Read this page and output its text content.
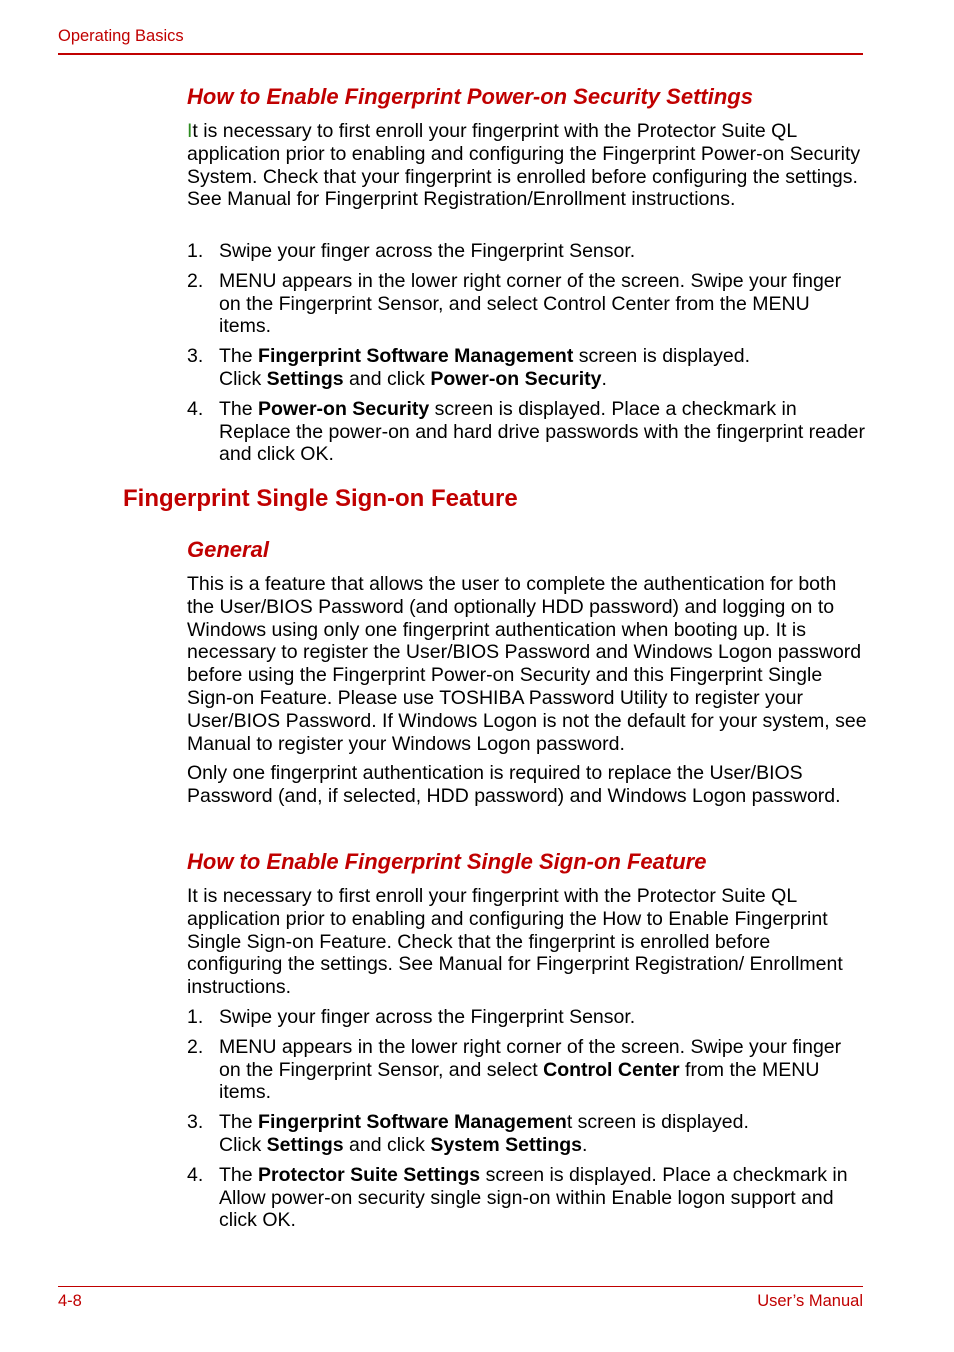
Operating Basics
How to Enable Fingerprint Power-on Security Settings

It is necessary to first enroll your fingerprint with the Protector Suite QL application prior to enabling and configuring the Fingerprint Power-on Security System. Check that your fingerprint is enrolled before configuring the settings. See Manual for Fingerprint Registration/Enrollment instructions.

1. Swipe your finger across the Fingerprint Sensor.
2. MENU appears in the lower right corner of the screen. Swipe your finger on the Fingerprint Sensor, and select Control Center from the MENU items.
3. The Fingerprint Software Management screen is displayed.
Click Settings and click Power-on Security.
4. The Power-on Security screen is displayed. Place a checkmark in Replace the power-on and hard drive passwords with the fingerprint reader and click OK.
Fingerprint Single Sign-on Feature
General

This is a feature that allows the user to complete the authentication for both the User/BIOS Password (and optionally HDD password) and logging on to Windows using only one fingerprint authentication when booting up. It is necessary to register the User/BIOS Password and Windows Logon password before using the Fingerprint Power-on Security and this Fingerprint Single Sign-on Feature. Please use TOSHIBA Password Utility to register your User/BIOS Password. If Windows Logon is not the default for your system, see Manual to register your Windows Logon password.

Only one fingerprint authentication is required to replace the User/BIOS Password (and, if selected, HDD password) and Windows Logon password.

How to Enable Fingerprint Single Sign-on Feature

It is necessary to first enroll your fingerprint with the Protector Suite QL application prior to enabling and configuring the How to Enable Fingerprint Single Sign-on Feature. Check that the fingerprint is enrolled before configuring the settings. See Manual for Fingerprint Registration/ Enrollment instructions.

1. Swipe your finger across the Fingerprint Sensor.
2. MENU appears in the lower right corner of the screen. Swipe your finger on the Fingerprint Sensor, and select Control Center from the MENU items.
3. The Fingerprint Software Management screen is displayed.
Click Settings and click System Settings.
4. The Protector Suite Settings screen is displayed. Place a checkmark in Allow power-on security single sign-on within Enable logon support and click OK.
4-8	User’s Manual
